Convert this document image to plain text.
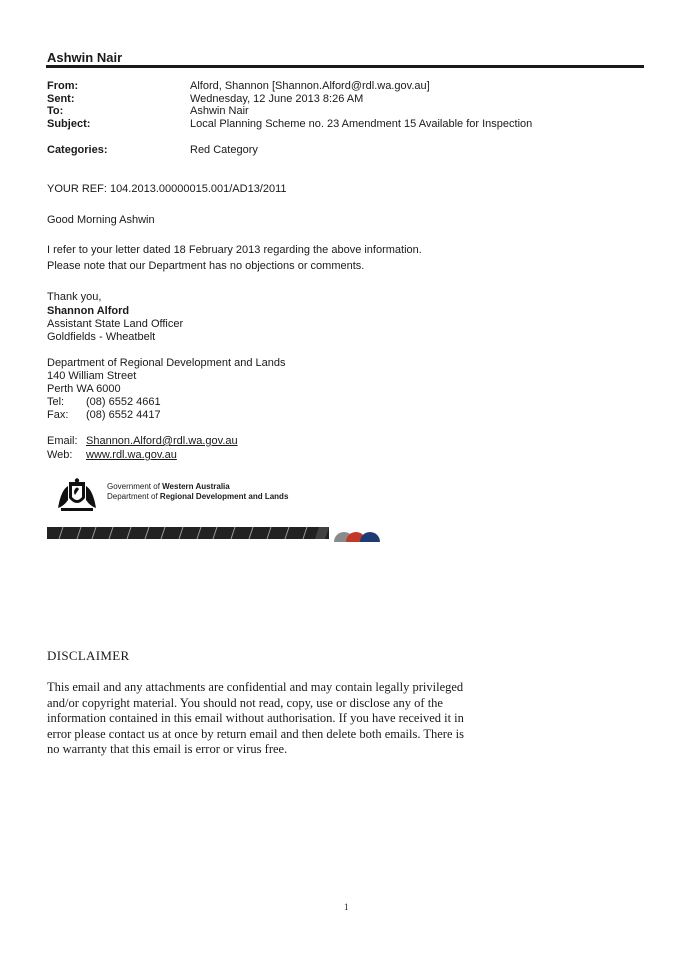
Ashwin Nair
From:	Alford, Shannon [Shannon.Alford@rdl.wa.gov.au]
Sent:	Wednesday, 12 June 2013 8:26 AM
To:	Ashwin Nair
Subject:	Local Planning Scheme no. 23 Amendment 15 Available for Inspection
Categories:	Red Category
YOUR REF: 104.2013.00000015.001/AD13/2011
Good Morning Ashwin
I refer to your letter dated 18 February 2013 regarding the above information.
Please note that our Department has no objections or comments.
Thank you,
Shannon Alford
Assistant State Land Officer
Goldfields - Wheatbelt
Department of Regional Development and Lands
140 William Street
Perth WA 6000
Tel: (08) 6552 4661
Fax: (08) 6552 4417
Email: Shannon.Alford@rdl.wa.gov.au
Web: www.rdl.wa.gov.au
Government of Western Australia
Department of Regional Development and Lands
DISCLAIMER
This email and any attachments are confidential and may contain legally privileged
and/or copyright material. You should not read, copy, use or disclose any of the
information contained in this email without authorisation. If you have received it in
error please contact us at once by return email and then delete both emails. There is
no warranty that this email is error or virus free.
1
